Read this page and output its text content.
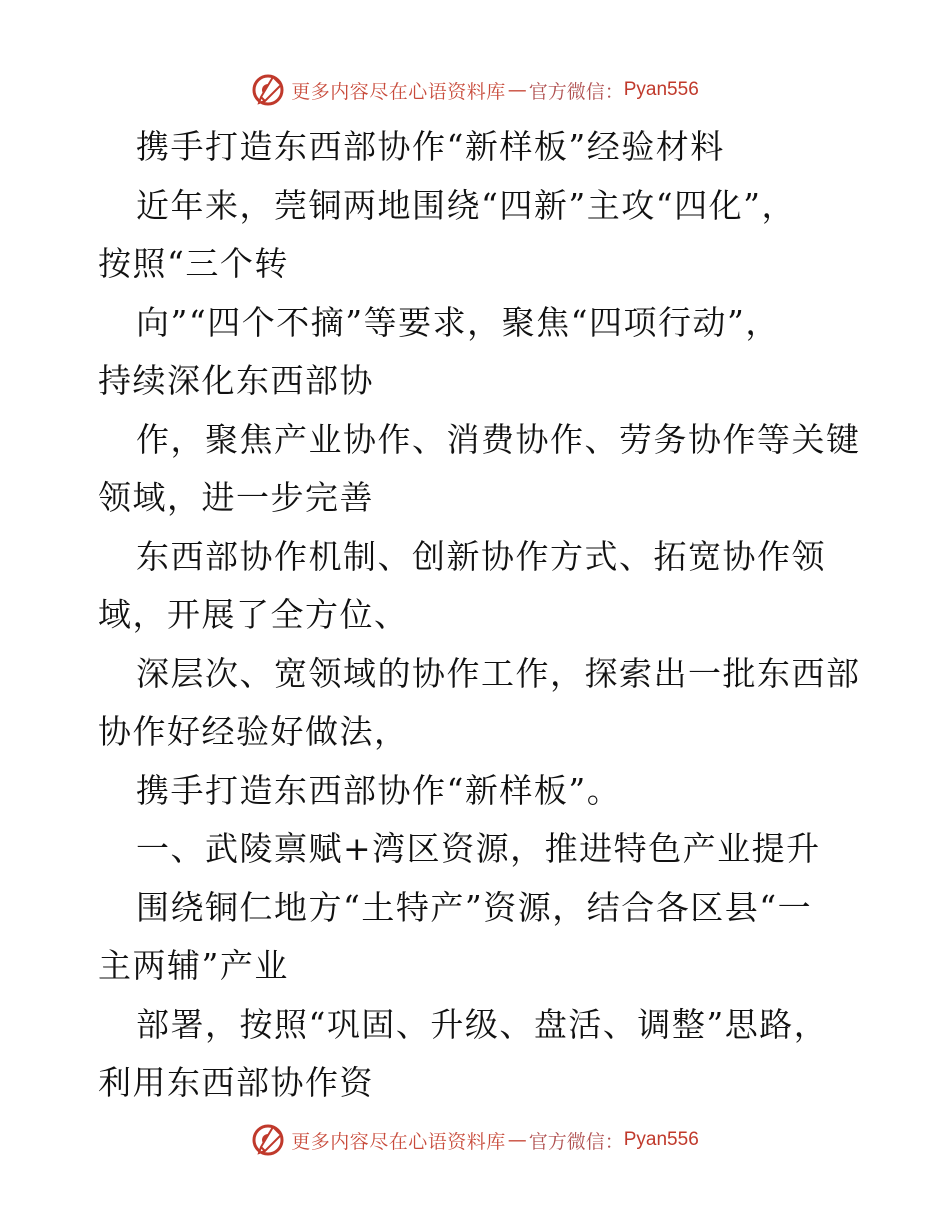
更多内容尽在心语资料库 — 官方微信： Pyan556
携手打造东西部协作“新样板”经验材料
近年来，莞铜两地围绕“四新”主攻“四化”，
按照“三个转
向”“四个不摘”等要求，聚焦“四项行动”，
持续深化东西部协
作，聚焦产业协作、消费协作、劳务协作等关键
领域，进一步完善
东西部协作机制、创新协作方式、拓宽协作领
域，开展了全方位、
深层次、宽领域的协作工作，探索出一批东西部
协作好经验好做法，
携手打造东西部协作“新样板”。
一、武陵禀赋+湾区资源，推进特色产业提升
围绕铜仁地方“土特产”资源，结合各区县“一
主两辅”产业
部署，按照“巩固、升级、盘活、调整”思路，
利用东西部协作资
更多内容尽在心语资料库 — 官方微信： Pyan556
